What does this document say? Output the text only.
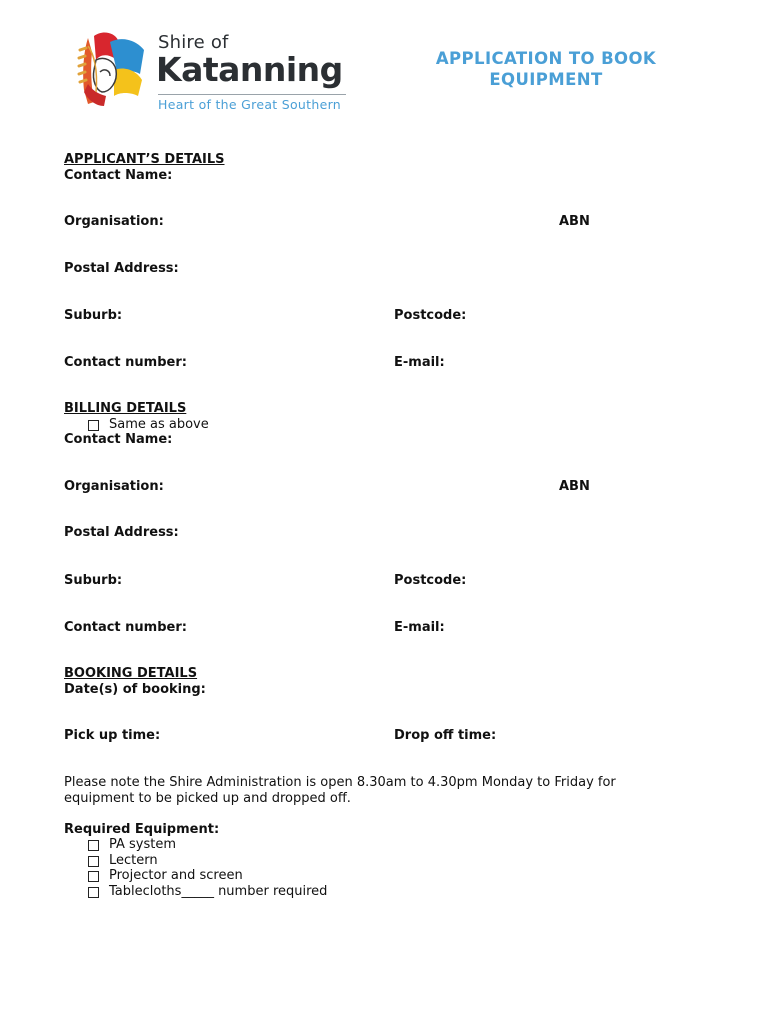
Shire of
Katanning
Heart of the Great Southern
APPLICATION TO BOOK EQUIPMENT
APPLICANT’S DETAILS
Contact Name:
Organisation:	ABN
Postal Address:
Suburb:	Postcode:
Contact number:	E-mail:
BILLING DETAILS
Same as above
Contact Name:
Organisation:	ABN
Postal Address:
Suburb:	Postcode:
Contact number:	E-mail:
BOOKING DETAILS
Date(s) of booking:
Pick up time:	Drop off time:
Please note the Shire Administration is open 8.30am to 4.30pm Monday to Friday for
equipment to be picked up and dropped off.
Required Equipment:
PA system
Lectern
Projector and screen
Tablecloths_____ number required
